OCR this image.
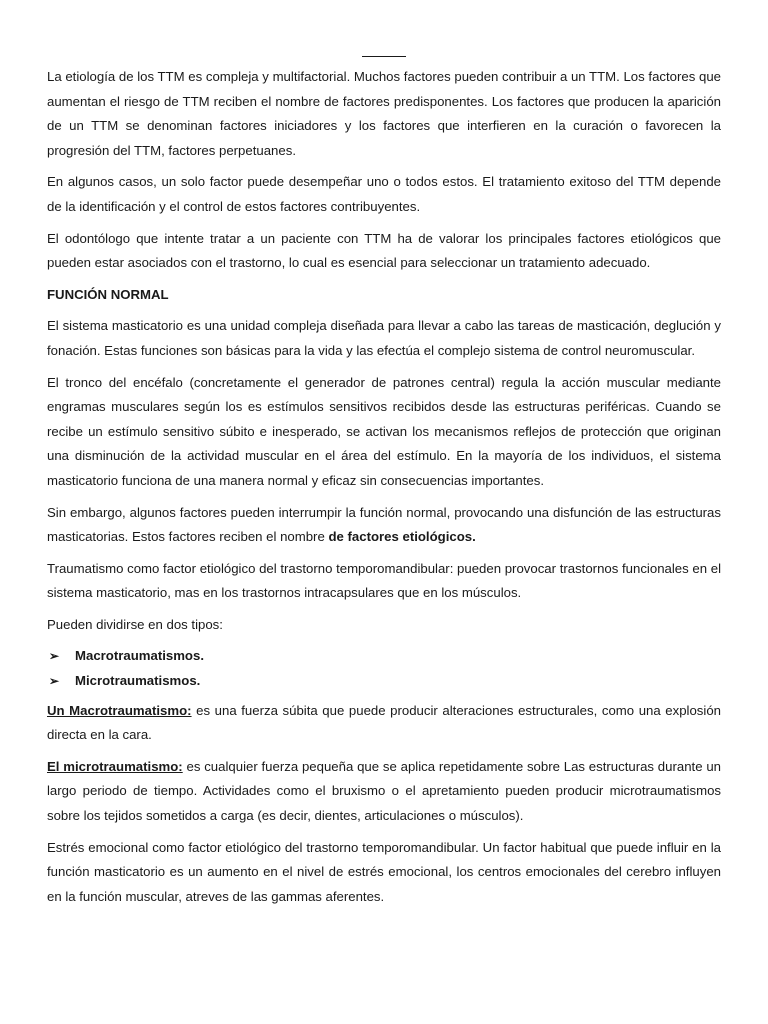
La etiología de los TTM es compleja y multifactorial. Muchos factores pueden contribuir a un TTM. Los factores que aumentan el riesgo de TTM reciben el nombre de factores predisponentes. Los factores que producen la aparición de un TTM se denominan factores iniciadores y los factores que interfieren en la curación o favorecen la progresión del TTM, factores perpetuanes.

En algunos casos, un solo factor puede desempeñar uno o todos estos. El tratamiento exitoso del TTM depende de la identificación y el control de estos factores contribuyentes.

El odontólogo que intente tratar a un paciente con TTM ha de valorar los principales factores etiológicos que pueden estar asociados con el trastorno, lo cual es esencial para seleccionar un tratamiento adecuado.

FUNCIÓN NORMAL

El sistema masticatorio es una unidad compleja diseñada para llevar a cabo las tareas de masticación, deglución y fonación. Estas funciones son básicas para la vida y las efectúa el complejo sistema de control neuromuscular.

El tronco del encéfalo (concretamente el generador de patrones central) regula la acción muscular mediante engramas musculares según los es estímulos sensitivos recibidos desde las estructuras periféricas. Cuando se recibe un estímulo sensitivo súbito e inesperado, se activan los mecanismos reflejos de protección que originan una disminución de la actividad muscular en el área del estímulo. En la mayoría de los individuos, el sistema masticatorio funciona de una manera normal y eficaz sin consecuencias importantes.

Sin embargo, algunos factores pueden interrumpir la función normal, provocando una disfunción de las estructuras masticatorias. Estos factores reciben el nombre de factores etiológicos.

Traumatismo como factor etiológico del trastorno temporomandibular: pueden provocar trastornos funcionales en el sistema masticatorio, mas en los trastornos intracapsulares que en los músculos.

Pueden dividirse en dos tipos:

➢	Macrotraumatismos.
➢	Microtraumatismos.

Un Macrotraumatismo: es una fuerza súbita que puede producir alteraciones estructurales, como una explosión directa en la cara.

El microtraumatismo: es cualquier fuerza pequeña que se aplica repetidamente sobre Las estructuras durante un largo periodo de tiempo. Actividades como el bruxismo o el apretamiento pueden producir microtraumatismos sobre los tejidos sometidos a carga (es decir, dientes, articulaciones o músculos).

Estrés emocional como factor etiológico del trastorno temporomandibular. Un factor habitual que puede influir en la función masticatorio es un aumento en el nivel de estrés emocional, los centros emocionales del cerebro influyen en la función muscular, atreves de las gammas aferentes.
